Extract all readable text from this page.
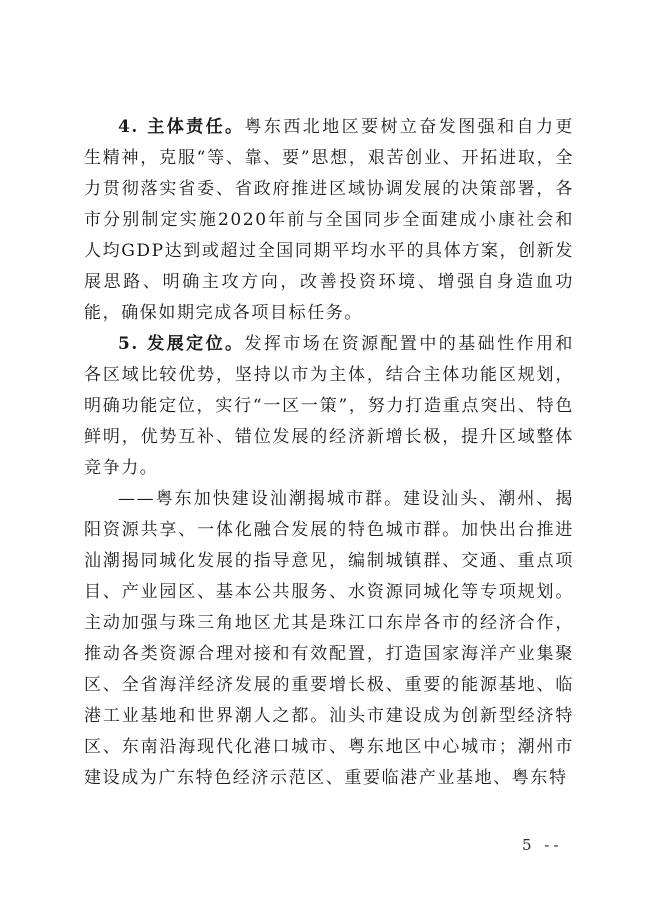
4. 主体责任。粤东西北地区要树立奋发图强和自力更生精神，克服“等、靠、要”思想，艰苦创业、开拓进取，全力贯彻落实省委、省政府推进区域协调发展的决策部署，各市分别制定实施2020年前与全国同步全面建成小康社会和人均GDP达到或超过全国同期平均水平的具体方案，创新发展思路、明确主攻方向，改善投资环境、增强自身造血功能，确保如期完成各项目标任务。

5. 发展定位。发挥市场在资源配置中的基础性作用和各区域比较优势，坚持以市为主体，结合主体功能区规划，明确功能定位，实行“一区一策”，努力打造重点突出、特色鲜明，优势互补、错位发展的经济新增长极，提升区域整体竞争力。

——粤东加快建设汕潮揭城市群。建设汕头、潮州、揭阳资源共享、一体化融合发展的特色城市群。加快出台推进汕潮揭同城化发展的指导意见，编制城镇群、交通、重点项目、产业园区、基本公共服务、水资源同城化等专项规划。主动加强与珠三角地区尤其是珠江口东岸各市的经济合作，推动各类资源合理对接和有效配置，打造国家海洋产业集聚区、全省海洋经济发展的重要增长极、重要的能源基地、临港工业基地和世界潮人之都。汕头市建设成为创新型经济特区、东南沿海现代化港口城市、粤东地区中心城市；潮州市建设成为广东特色经济示范区、重要临港产业基地、粤东特

5 --
